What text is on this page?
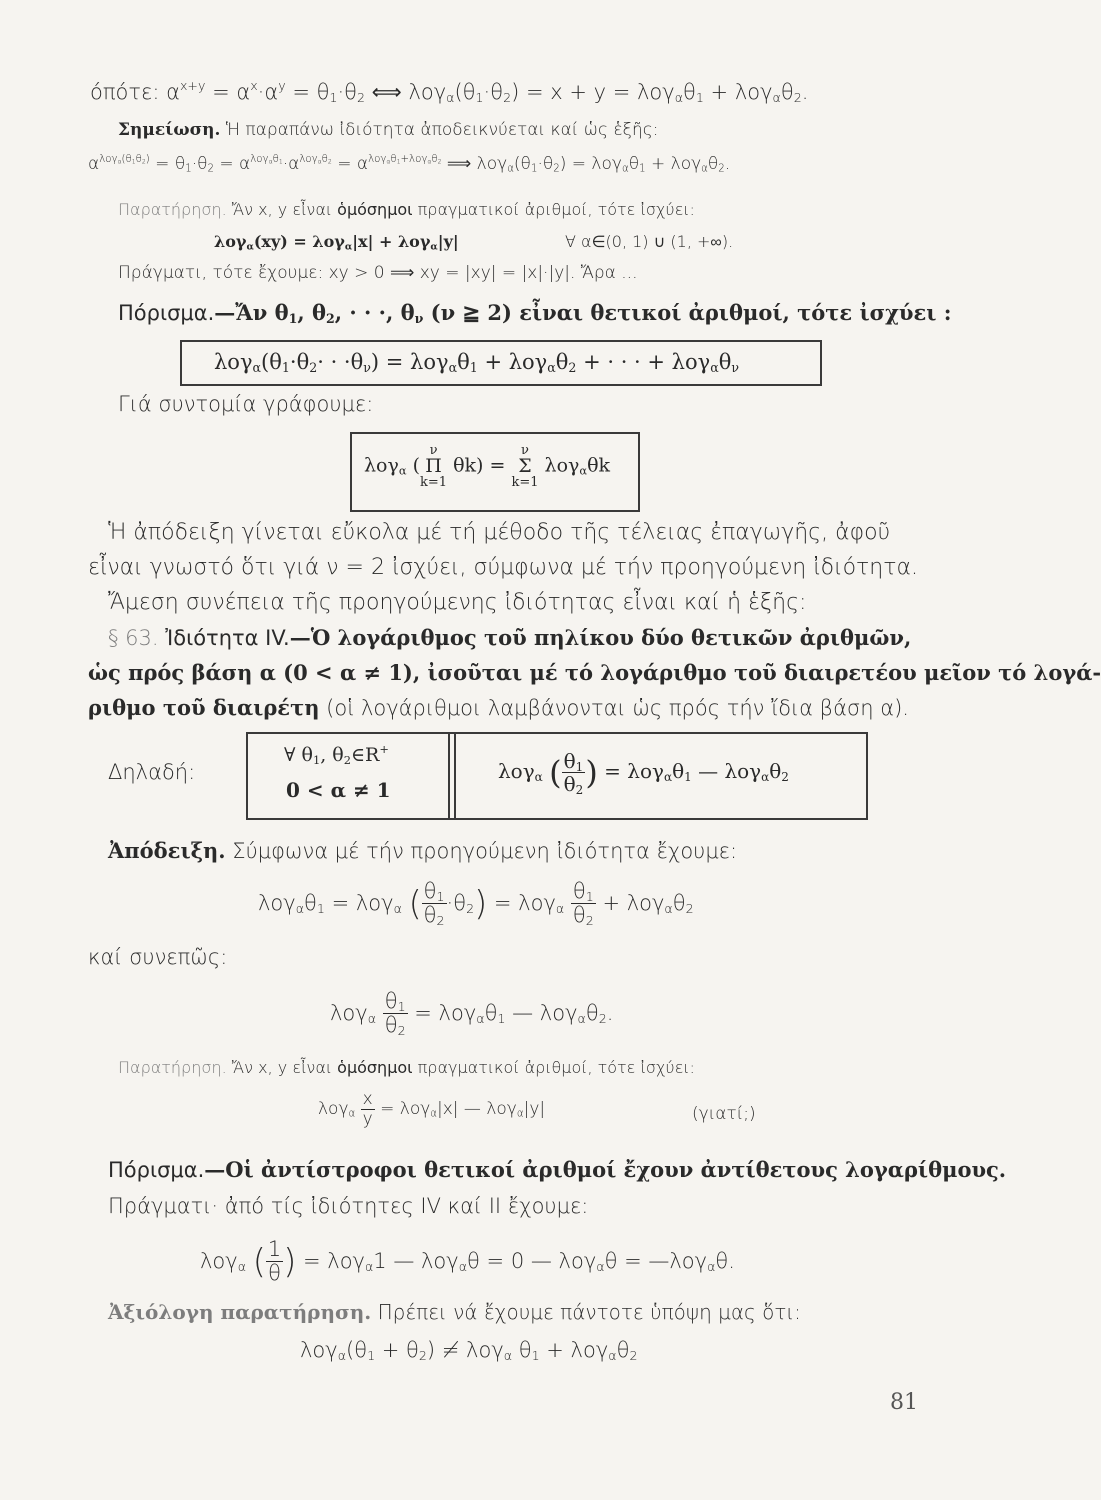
όπότε: $\alpha^{x+y} = \alpha^x\cdot\alpha^y = \theta_1\cdot\theta_2$ ⟺ $\lambda o\gamma_\alpha(\theta_1\cdot\theta_2) = x + y = \lambda o\gamma_\alpha\theta_1 + \lambda o\gamma_\alpha\theta_2$.
Σημείωση. Ἡ παραπάνω ἰδιότητα ἀποδεικνύεται καί ὡς ἑξῆς:
$\alpha^{\lambda o\gamma_\alpha(\theta_1\theta_2)} = \theta_1\cdot\theta_2 = \alpha^{\lambda o\gamma_\alpha\theta_1}\cdot\alpha^{\lambda o\gamma_\alpha\theta_2} = \alpha^{\lambda o\gamma_\alpha\theta_1+\lambda o\gamma_\alpha\theta_2}$ ⟹ $\lambda o\gamma_\alpha(\theta_1\cdot\theta_2) = \lambda o\gamma_\alpha\theta_1 + \lambda o\gamma_\alpha\theta_2$.
Παρατήρηση. Ἄν x, y εἶναι ὁμόσημοι πραγματικοί ἀριθμοί, τότε ἰσχύει:
λογ$_\alpha$(xy) = λογ$_\alpha$|x| + λογ$_\alpha$|y|	∀ α∈(0, 1) ∪ (1, +∞).
Πράγματι, τότε ἔχουμε: xy > 0 ⟹ xy = |xy| = |x|·|y|. Ἄρα ...
Πόρισμα.—Ἄν $\theta_1$, $\theta_2$, · · ·, $\theta_\nu$ (ν ≧ 2) εἶναι θετικοί ἀριθμοί, τότε ἰσχύει :
$\lambda o\gamma_\alpha(\theta_1\cdot\theta_2\cdot \cdot \cdot\theta_\nu) = \lambda o\gamma_\alpha\theta_1 + \lambda o\gamma_\alpha\theta_2$ + · · · + $\lambda o\gamma_\alpha\theta_\nu$
Γιά συντομία γράφουμε:
λογ$_\alpha$ (
ν
Π
k=1
θk) =
ν
Σ
k=1
λογ$_\alpha$θk
Ἡ ἀπόδειξη γίνεται εὔκολα μέ τή μέθοδο τῆς τέλειας ἐπαγωγῆς, ἀφοῦ
εἶναι γνωστό ὅτι γιά ν = 2 ἰσχύει, σύμφωνα μέ τήν προηγούμενη ἰδιότητα.
Ἄμεση συνέπεια τῆς προηγούμενης ἰδιότητας εἶναι καί ἡ ἑξῆς:
§ 63. Ἰδιότητα IV.—Ὁ λογάριθμος τοῦ πηλίκου δύο θετικῶν ἀριθμῶν,
ὡς πρός βάση α (0 < α ≠ 1), ἰσοῦται μέ τό λογάριθμο τοῦ διαιρετέου μεῖον τό λογά-
ριθμο τοῦ διαιρέτη (οἱ λογάριθμοι λαμβάνονται ὡς πρός τήν ἴδια βάση α).
Δηλαδή:
∀ $\theta_1$, $\theta_2\in R^+$
0 < α ≠ 1
λογ$_\alpha$ ( $\frac{\theta_1}{\theta_2}$ ) = $\lambda o\gamma_\alpha\theta_1$ — $\lambda o\gamma_\alpha\theta_2$
Ἀπόδειξη. Σύμφωνα μέ τήν προηγούμενη ἰδιότητα ἔχουμε:
$\lambda o\gamma_\alpha\theta_1 = \lambda o\gamma_\alpha$ ( $\frac{\theta_1}{\theta_2} \cdot\theta_2) = \lambda o\gamma_\alpha \frac{\theta_1}{\theta_2} + \lambda o\gamma_\alpha\theta_2$
καί συνεπῶς:
$\lambda o\gamma_\alpha \frac{\theta_1}{\theta_2} = \lambda o\gamma_\alpha\theta_1$ — $\lambda o\gamma_\alpha\theta_2$.
Παρατήρηση. Ἄν x, y εἶναι ὁμόσημοι πραγματικοί ἀριθμοί, τότε ἰσχύει:
$\lambda o\gamma_\alpha \frac{x}{y} = \lambda o\gamma_\alpha|x|$ — λογ$_\alpha$|y|	(γιατί;)
Πόρισμα.—Οἱ ἀντίστροφοι θετικοί ἀριθμοί ἔχουν ἀντίθετους λογαρίθμους.
Πράγματι· ἀπό τίς ἰδιότητες IV καί II ἔχουμε:
λογ$_\alpha$ ( $\frac{1}{\theta}$ ) = λογ$_\alpha$1 — λογ$_\alpha$θ = 0 — λογ$_\alpha$θ = —λογ$_\alpha$θ.
Ἀξιόλογη παρατήρηση. Πρέπει νά ἔχουμε πάντοτε ὑπόψη μας ὅτι:
$\lambda o\gamma_\alpha(\theta_1 + \theta_2) \ne \lambda o\gamma_\alpha$ $\theta_1 + \lambda o\gamma_\alpha\theta_2$
81
